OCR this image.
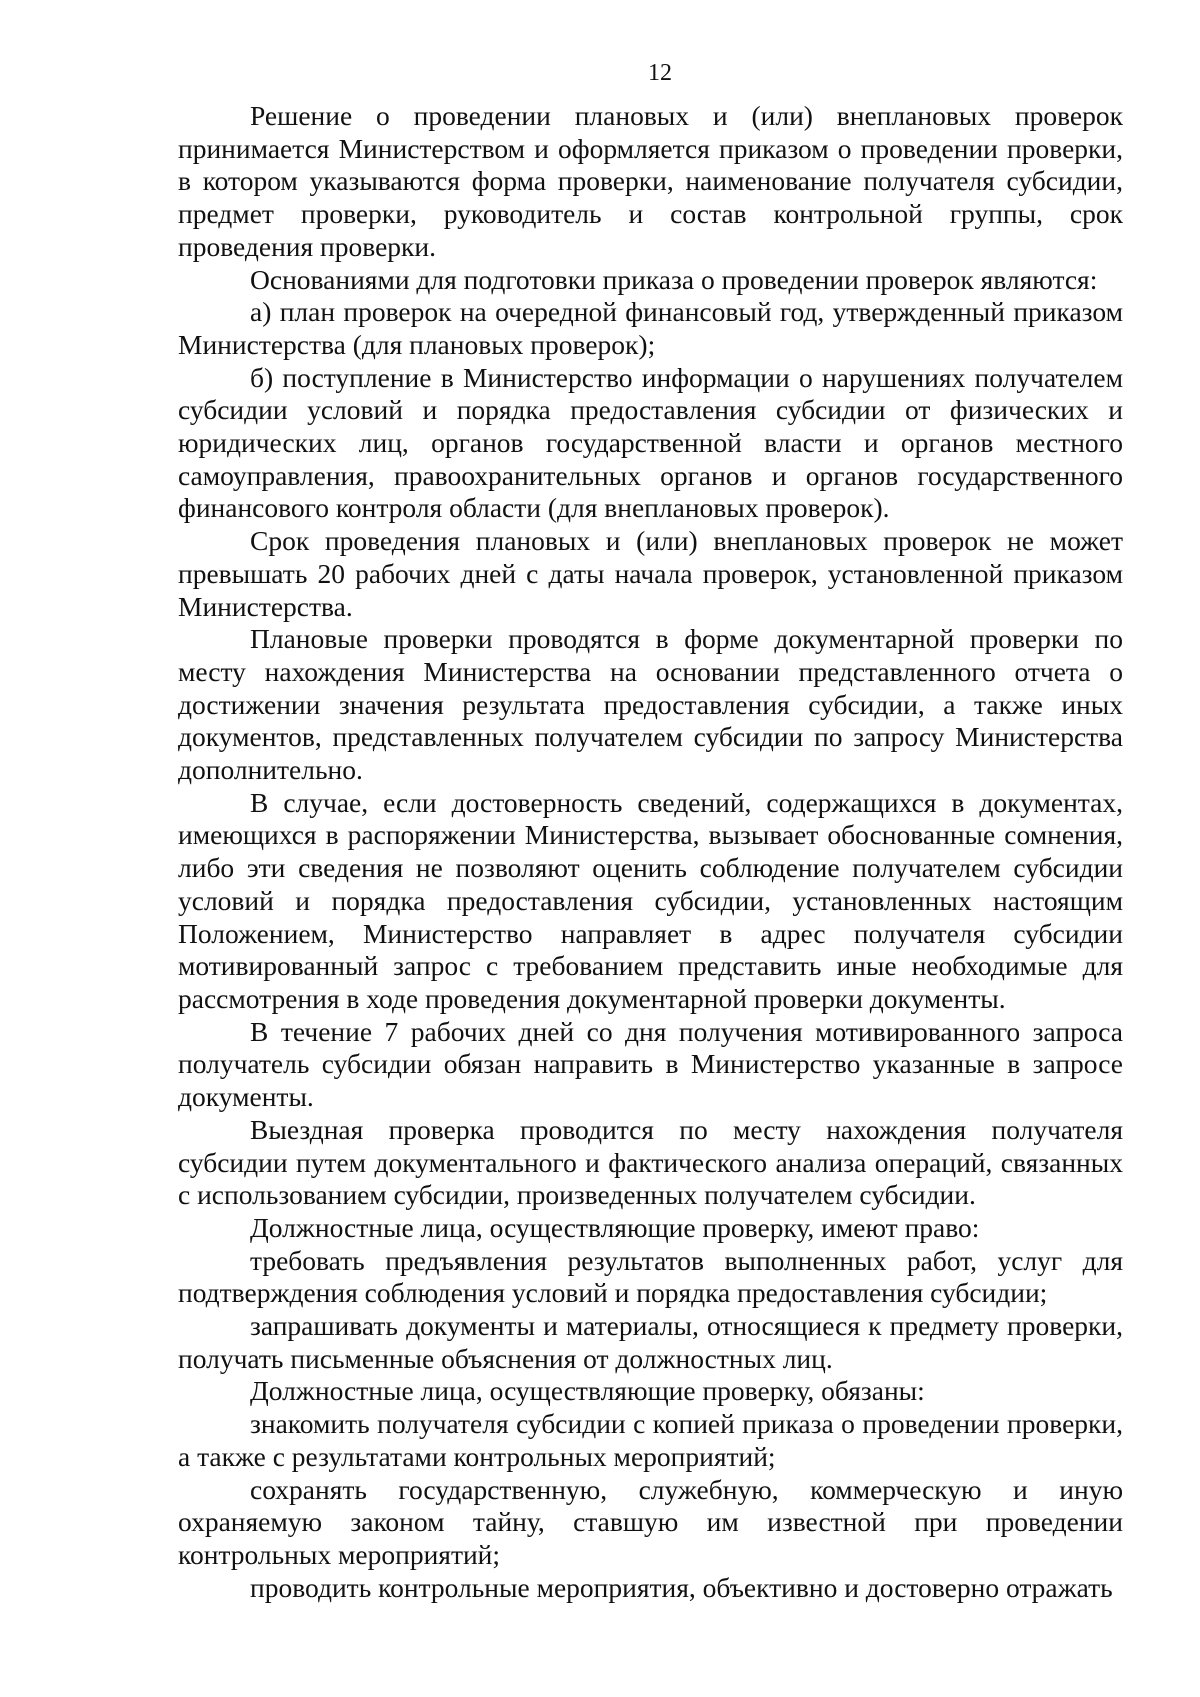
12

Решение о проведении плановых и (или) внеплановых проверок принимается Министерством и оформляется приказом о проведении проверки, в котором указываются форма проверки, наименование получателя субсидии, предмет проверки, руководитель и состав контрольной группы, срок проведения проверки.

Основаниями для подготовки приказа о проведении проверок являются:

а) план проверок на очередной финансовый год, утвержденный приказом Министерства (для плановых проверок);

б) поступление в Министерство информации о нарушениях получателем субсидии условий и порядка предоставления субсидии от физических и юридических лиц, органов государственной власти и органов местного самоуправления, правоохранительных органов и органов государственного финансового контроля области (для внеплановых проверок).

Срок проведения плановых и (или) внеплановых проверок не может превышать 20 рабочих дней с даты начала проверок, установленной приказом Министерства.

Плановые проверки проводятся в форме документарной проверки по месту нахождения Министерства на основании представленного отчета о достижении значения результата предоставления субсидии, а также иных документов, представленных получателем субсидии по запросу Министерства дополнительно.

В случае, если достоверность сведений, содержащихся в документах, имеющихся в распоряжении Министерства, вызывает обоснованные сомнения, либо эти сведения не позволяют оценить соблюдение получателем субсидии условий и порядка предоставления субсидии, установленных настоящим Положением, Министерство направляет в адрес получателя субсидии мотивированный запрос с требованием представить иные необходимые для рассмотрения в ходе проведения документарной проверки документы.

В течение 7 рабочих дней со дня получения мотивированного запроса получатель субсидии обязан направить в Министерство указанные в запросе документы.

Выездная проверка проводится по месту нахождения получателя субсидии путем документального и фактического анализа операций, связанных с использованием субсидии, произведенных получателем субсидии.

Должностные лица, осуществляющие проверку, имеют право:

требовать предъявления результатов выполненных работ, услуг для подтверждения соблюдения условий и порядка предоставления субсидии;

запрашивать документы и материалы, относящиеся к предмету проверки, получать письменные объяснения от должностных лиц.

Должностные лица, осуществляющие проверку, обязаны:

знакомить получателя субсидии с копией приказа о проведении проверки, а также с результатами контрольных мероприятий;

сохранять государственную, служебную, коммерческую и иную охраняемую законом тайну, ставшую им известной при проведении контрольных мероприятий;

проводить контрольные мероприятия, объективно и достоверно отражать
